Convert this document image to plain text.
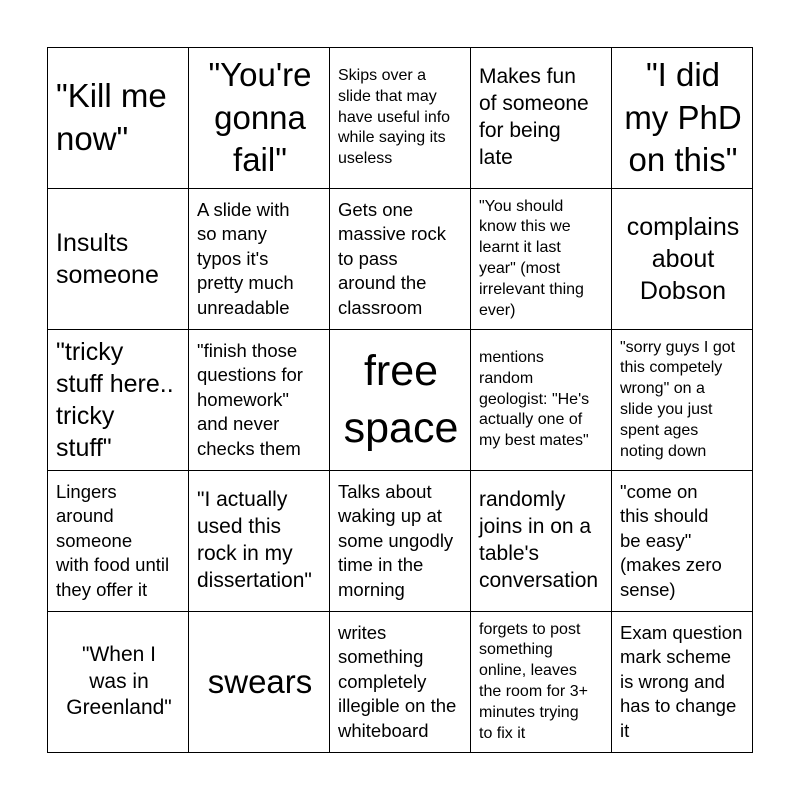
"Kill me
now"
"You're
gonna
fail"
Skips over a
slide that may
have useful info
while saying its
useless
Makes fun
of someone
for being
late
"I did
my PhD
on this"
Insults
someone
A slide with
so many
typos it's
pretty much
unreadable
Gets one
massive rock
to pass
around the
classroom
"You should
know this we
learnt it last
year" (most
irrelevant thing
ever)
complains
about
Dobson
"tricky
stuff here..
tricky
stuff"
"finish those
questions for
homework"
and never
checks them
free
space
mentions
random
geologist: "He's
actually one of
my best mates"
"sorry guys I got
this competely
wrong" on a
slide you just
spent ages
noting down
Lingers
around
someone
with food until
they offer it
"I actually
used this
rock in my
dissertation"
Talks about
waking up at
some ungodly
time in the
morning
randomly
joins in on a
table's
conversation
"come on
this should
be easy"
(makes zero
sense)
"When I
was in
Greenland"
swears
writes
something
completely
illegible on the
whiteboard
forgets to post
something
online, leaves
the room for 3+
minutes trying
to fix it
Exam question
mark scheme
is wrong and
has to change
it
